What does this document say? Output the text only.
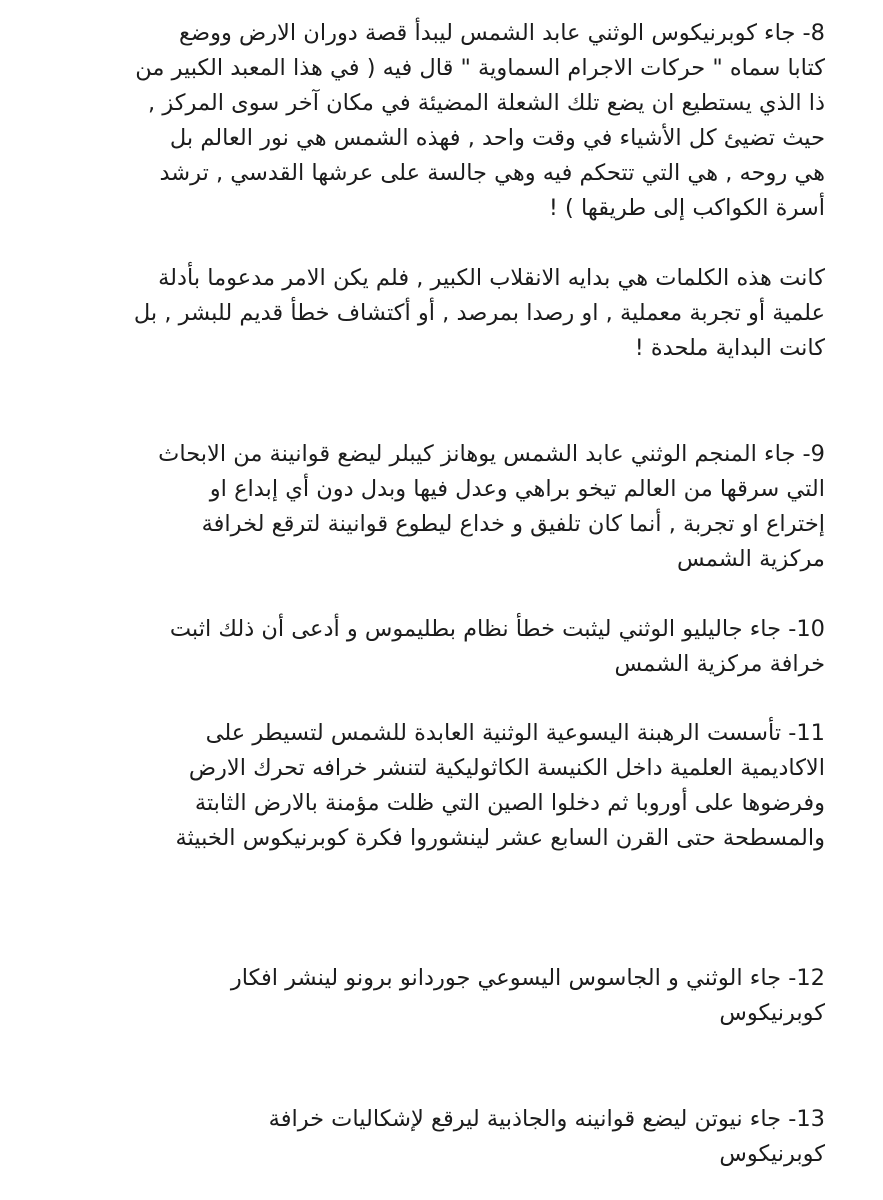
8- جاء كوبرنيكوس الوثني عابد الشمس ليبدأ قصة دوران الارض ووضع
كتابا سماه " حركات الاجرام السماوية " قال فيه ( في هذا المعبد الكبير من
ذا الذي يستطيع ان يضع تلك الشعلة المضيئة في مكان آخر سوى المركز ,
حيث تضيئ كل الأشياء في وقت واحد , فهذه الشمس هي نور العالم بل
هي روحه , هي التي تتحكم فيه وهي جالسة على عرشها القدسي , ترشد
أسرة الكواكب إلى طريقها ) !

كانت هذه الكلمات هي بدايه الانقلاب الكبير , فلم يكن الامر مدعوما بأدلة
علمية أو تجربة معملية , او رصدا بمرصد , أو أكتشاف خطأ قديم للبشر , بل
كانت البداية ملحدة !

9- جاء المنجم الوثني عابد الشمس يوهانز كيبلر ليضع قوانينة من الابحاث
التي سرقها من العالم تيخو براهي وعدل فيها وبدل دون أي إبداع او
إختراع او تجربة , أنما كان تلفيق و خداع ليطوع قوانينة لترقع لخرافة
مركزية الشمس

10- جاء جاليليو الوثني ليثبت خطأ نظام بطليموس و أدعى أن ذلك اثبت
خرافة مركزية الشمس

11- تأسست الرهبنة اليسوعية الوثنية العابدة للشمس لتسيطر على
الاكاديمية العلمية داخل الكنيسة الكاثوليكية لتنشر خرافه تحرك الارض
وفرضوها على أوروبا ثم دخلوا الصين التي ظلت مؤمنة بالارض الثابتة
والمسطحة حتى القرن السابع عشر لينشوروا فكرة كوبرنيكوس الخبيثة

12- جاء الوثني و الجاسوس اليسوعي جوردانو برونو لينشر افكار
كوبرنيكوس

13- جاء نيوتن ليضع قوانينه والجاذبية ليرقع لإشكاليات خرافة
كوبرنيكوس
